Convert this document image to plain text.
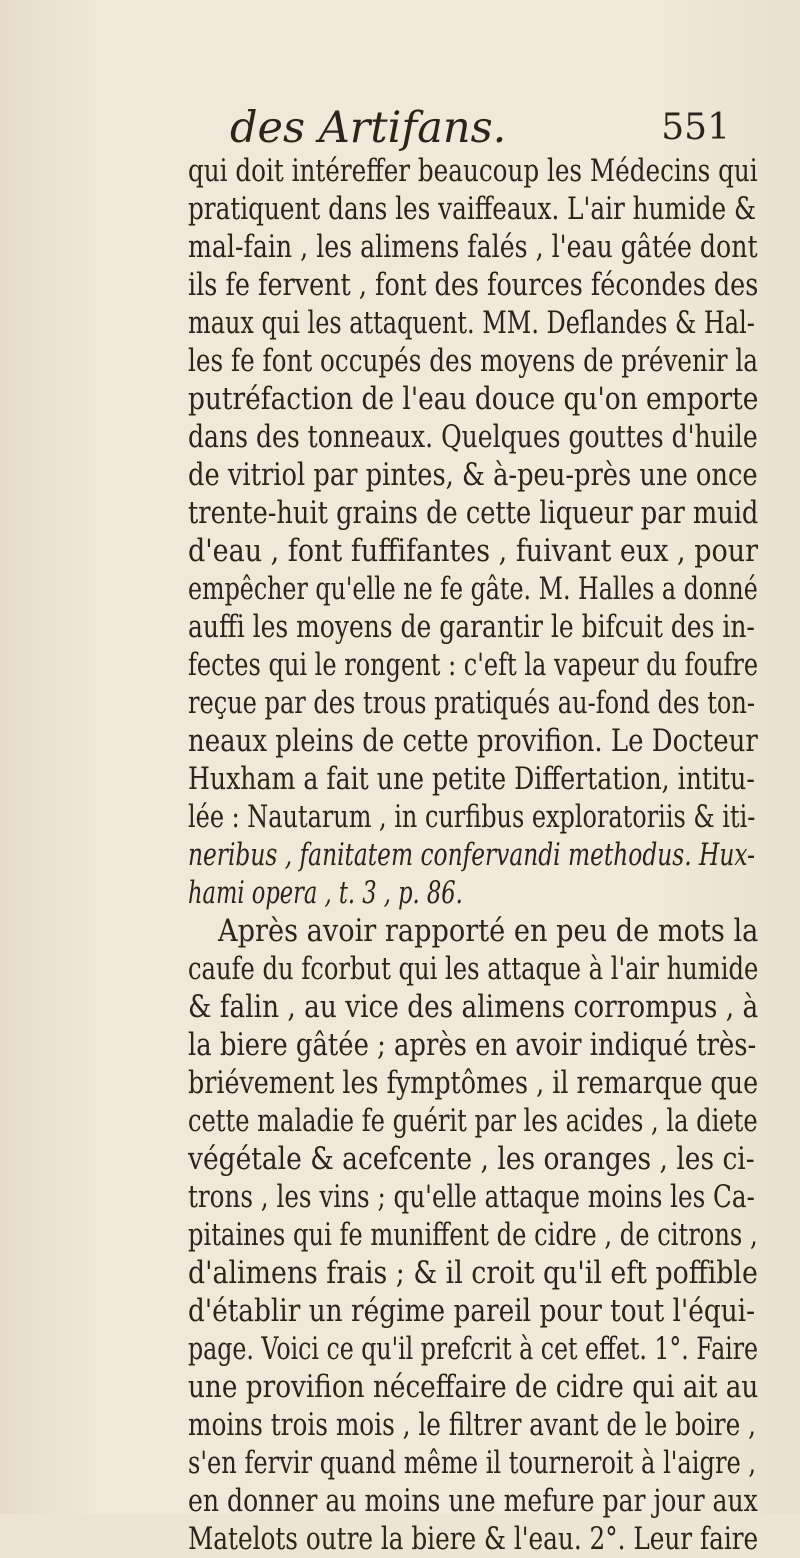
des Artifans.	551
qui doit intéreffer beaucoup les Médecins qui
pratiquent dans les vaiffeaux. L'air humide &
mal-fain , les alimens falés , l'eau gâtée dont
ils fe fervent , font des fources fécondes des
maux qui les attaquent. MM. Deflandes & Hal-
les fe font occupés des moyens de prévenir la
putréfaction de l'eau douce qu'on emporte
dans des tonneaux. Quelques gouttes d'huile
de vitriol par pintes, & à-peu-près une once
trente-huit grains de cette liqueur par muid
d'eau , font fuffifantes , fuivant eux , pour
empêcher qu'elle ne fe gâte. M. Halles a donné
auffi les moyens de garantir le bifcuit des in-
fectes qui le rongent : c'eft la vapeur du foufre
reçue par des trous pratiqués au-fond des ton-
neaux pleins de cette provifion. Le Docteur
Huxham a fait une petite Differtation, intitu-
lée : Nautarum , in curfibus exploratoriis & iti-
neribus , fanitatem confervandi methodus. Hux-
hami opera , t. 3 , p. 86.
Après avoir rapporté en peu de mots la
caufe du fcorbut qui les attaque à l'air humide
& falin , au vice des alimens corrompus , à
la biere gâtée ; après en avoir indiqué très-
briévement les fymptômes , il remarque que
cette maladie fe guérit par les acides , la diete
végétale & acefcente , les oranges , les ci-
trons , les vins ; qu'elle attaque moins les Ca-
pitaines qui fe muniffent de cidre , de citrons ,
d'alimens frais ; & il croit qu'il eft poffible
d'établir un régime pareil pour tout l'équi-
page. Voici ce qu'il prefcrit à cet effet. 1°. Faire
une provifion néceffaire de cidre qui ait au
moins trois mois , le filtrer avant de le boire ,
s'en fervir quand même il tourneroit à l'aigre ,
en donner au moins une mefure par jour aux
Matelots outre la biere & l'eau. 2°. Leur faire
